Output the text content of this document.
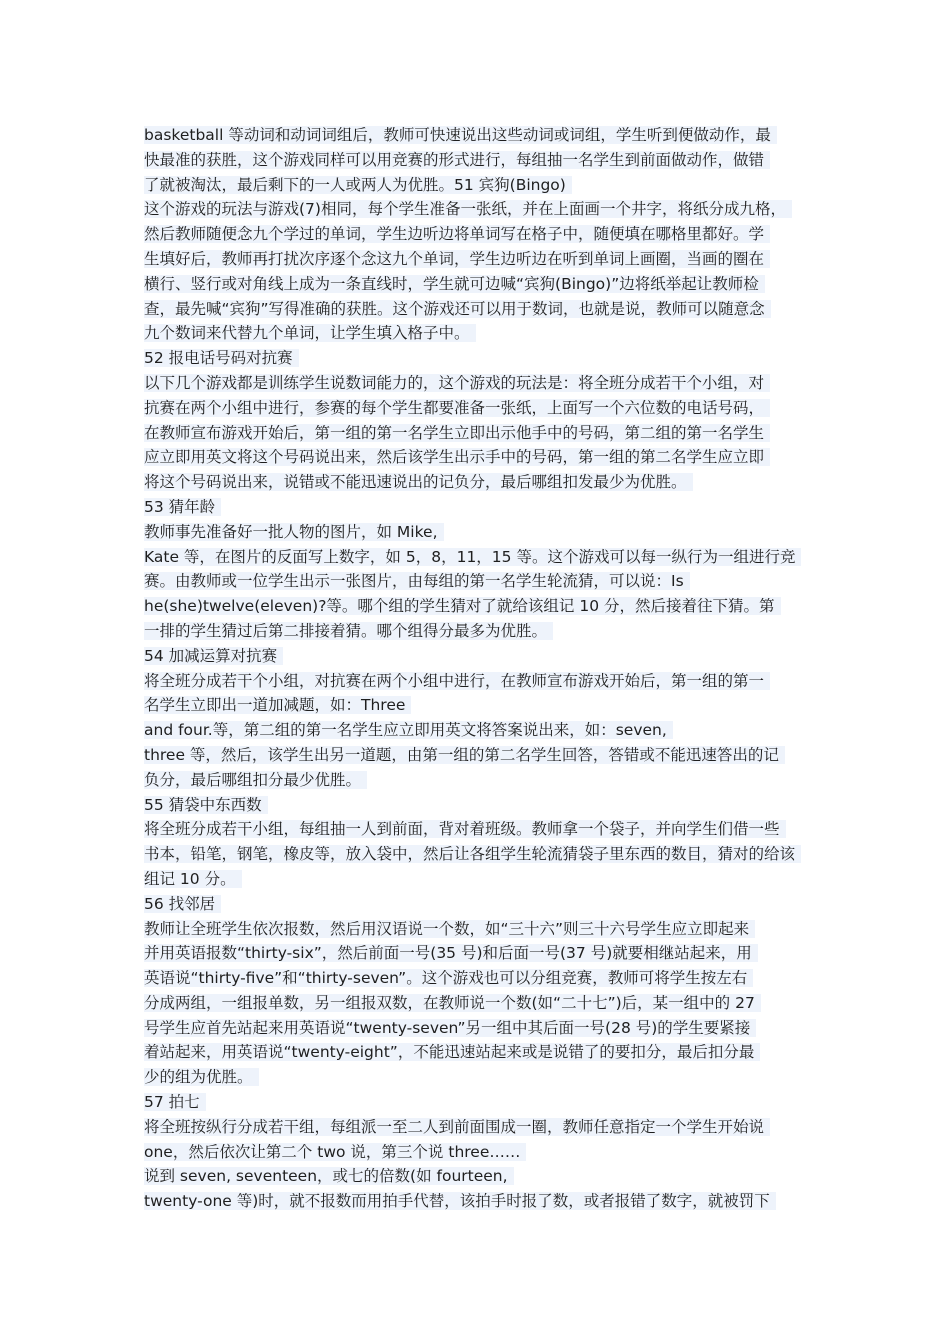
basketball 等动词和动词词组后，教师可快速说出这些动词或词组，学生听到便做动作，最
快最准的获胜，这个游戏同样可以用竞赛的形式进行，每组抽一名学生到前面做动作，做错
了就被淘汰，最后剩下的一人或两人为优胜。51 宾狗(Bingo)
这个游戏的玩法与游戏(7)相同，每个学生准备一张纸，并在上面画一个井字，将纸分成九格，
然后教师随便念九个学过的单词，学生边听边将单词写在格子中，随便填在哪格里都好。学
生填好后，教师再打扰次序逐个念这九个单词，学生边听边在听到单词上画圈，当画的圈在
横行、竖行或对角线上成为一条直线时，学生就可边喊“宾狗(Bingo)”边将纸举起让教师检
查，最先喊“宾狗”写得准确的获胜。这个游戏还可以用于数词，也就是说，教师可以随意念
九个数词来代替九个单词，让学生填入格子中。
52 报电话号码对抗赛
以下几个游戏都是训练学生说数词能力的，这个游戏的玩法是：将全班分成若干个小组，对
抗赛在两个小组中进行，参赛的每个学生都要准备一张纸，上面写一个六位数的电话号码，
在教师宣布游戏开始后，第一组的第一名学生立即出示他手中的号码，第二组的第一名学生
应立即用英文将这个号码说出来，然后该学生出示手中的号码，第一组的第二名学生应立即
将这个号码说出来，说错或不能迅速说出的记负分，最后哪组扣发最少为优胜。
53 猜年龄
教师事先准备好一批人物的图片，如 Mike,
Kate 等，在图片的反面写上数字，如 5，8，11，15 等。这个游戏可以每一纵行为一组进行竞
赛。由教师或一位学生出示一张图片，由每组的第一名学生轮流猜，可以说：Is
he(she)twelve(eleven)?等。哪个组的学生猜对了就给该组记 10 分，然后接着往下猜。第
一排的学生猜过后第二排接着猜。哪个组得分最多为优胜。
54 加减运算对抗赛
将全班分成若干个小组，对抗赛在两个小组中进行，在教师宣布游戏开始后，第一组的第一
名学生立即出一道加减题，如：Three
and four.等，第二组的第一名学生应立即用英文将答案说出来，如：seven,
three 等，然后，该学生出另一道题，由第一组的第二名学生回答，答错或不能迅速答出的记
负分，最后哪组扣分最少优胜。
55 猜袋中东西数
将全班分成若干小组，每组抽一人到前面，背对着班级。教师拿一个袋子，并向学生们借一些
书本，铅笔，钢笔，橡皮等，放入袋中，然后让各组学生轮流猜袋子里东西的数目，猜对的给该
组记 10 分。
56 找邻居
教师让全班学生依次报数，然后用汉语说一个数，如“三十六”则三十六号学生应立即起来
并用英语报数“thirty-six”，然后前面一号(35 号)和后面一号(37 号)就要相继站起来，用
英语说“thirty-five”和“thirty-seven”。这个游戏也可以分组竞赛，教师可将学生按左右
分成两组，一组报单数，另一组报双数，在教师说一个数(如“二十七”)后，某一组中的 27
号学生应首先站起来用英语说“twenty-seven”另一组中其后面一号(28 号)的学生要紧接
着站起来，用英语说“twenty-eight”，不能迅速站起来或是说错了的要扣分，最后扣分最
少的组为优胜。
57 拍七
将全班按纵行分成若干组，每组派一至二人到前面围成一圈，教师任意指定一个学生开始说
one，然后依次让第二个 two 说，第三个说 three……
说到 seven, seventeen，或七的倍数(如 fourteen,
twenty-one 等)时，就不报数而用拍手代替，该拍手时报了数，或者报错了数字，就被罚下
